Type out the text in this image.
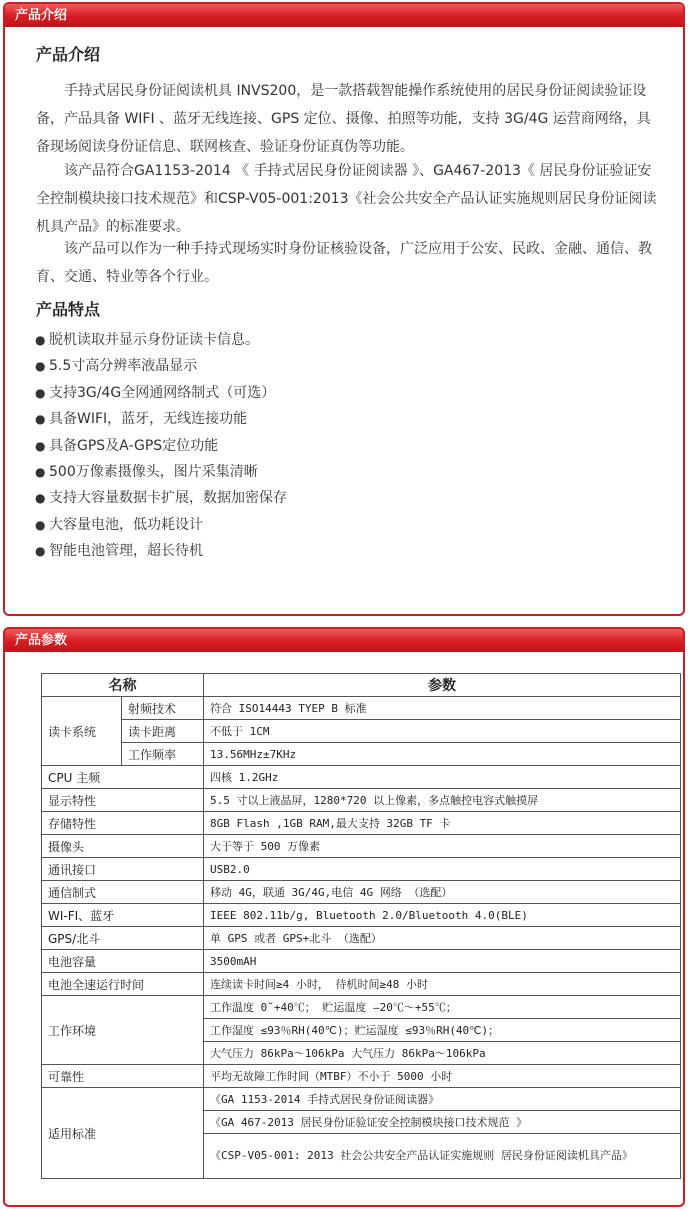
产品介绍
产品介绍

手持式居民身份证阅读机具 INVS200，是一款搭载智能操作系统使用的居民身份证阅读验证设备，产品具备 WIFI 、蓝牙无线连接、GPS 定位、摄像、拍照等功能，支持 3G/4G 运营商网络，具备现场阅读身份证信息、联网核查、验证身份证真伪等功能。

该产品符合GA1153-2014 《 手持式居民身份证阅读器 》、GA467-2013《 居民身份证验证安全控制模块接口技术规范》和CSP-V05-001:2013《社会公共安全产品认证实施规则居民身份证阅读机具产品》的标准要求。

该产品可以作为一种手持式现场实时身份证核验设备，广泛应用于公安、民政、金融、通信、教育、交通、特业等各个行业。

产品特点
● 脱机读取并显示身份证读卡信息。
● 5.5寸高分辨率液晶显示
● 支持3G/4G全网通网络制式（可选）
● 具备WIFI，蓝牙，无线连接功能
● 具备GPS及A-GPS定位功能
● 500万像素摄像头，图片采集清晰
● 支持大容量数据卡扩展，数据加密保存
● 大容量电池，低功耗设计
● 智能电池管理，超长待机
产品参数
名称		参数
读卡系统	射频技术	符合 ISO14443 TYEP B 标准
	读卡距离	不低于 1CM
	工作频率	13.56MHz±7KHz
CPU 主频		四核 1.2GHz
显示特性		5.5 寸以上液晶屏，1280*720 以上像素，多点触控电容式触摸屏
存储特性		8GB Flash ,1GB RAM,最大支持 32GB TF 卡
摄像头		大于等于 500 万像素
通讯接口		USB2.0
通信制式		移动 4G，联通 3G/4G,电信 4G 网络 （选配）
WI-FI、蓝牙		IEEE 802.11b/g, Bluetooth 2.0/Bluetooth 4.0(BLE)
GPS/北斗		单 GPS 或者 GPS+北斗 （选配）
电池容量		3500mAH
电池全速运行时间		连续读卡时间≥4 小时， 待机时间≥48 小时
工作环境		工作温度 0˜+40℃； 贮运温度 –20℃～+55℃；
		工作湿度 ≤93％RH(40℃)；贮运湿度 ≤93％RH(40℃)；
		大气压力 86kPa～106kPa 大气压力 86kPa～106kPa
可靠性		平均无故障工作时间（MTBF）不小于 5000 小时
适用标准		《GA 1153-2014 手持式居民身份证阅读器》
		《GA 467-2013 居民身份证验证安全控制模块接口技术规范 》
		《CSP-V05-001: 2013 社会公共安全产品认证实施规则 居民身份证阅读机具产品》
